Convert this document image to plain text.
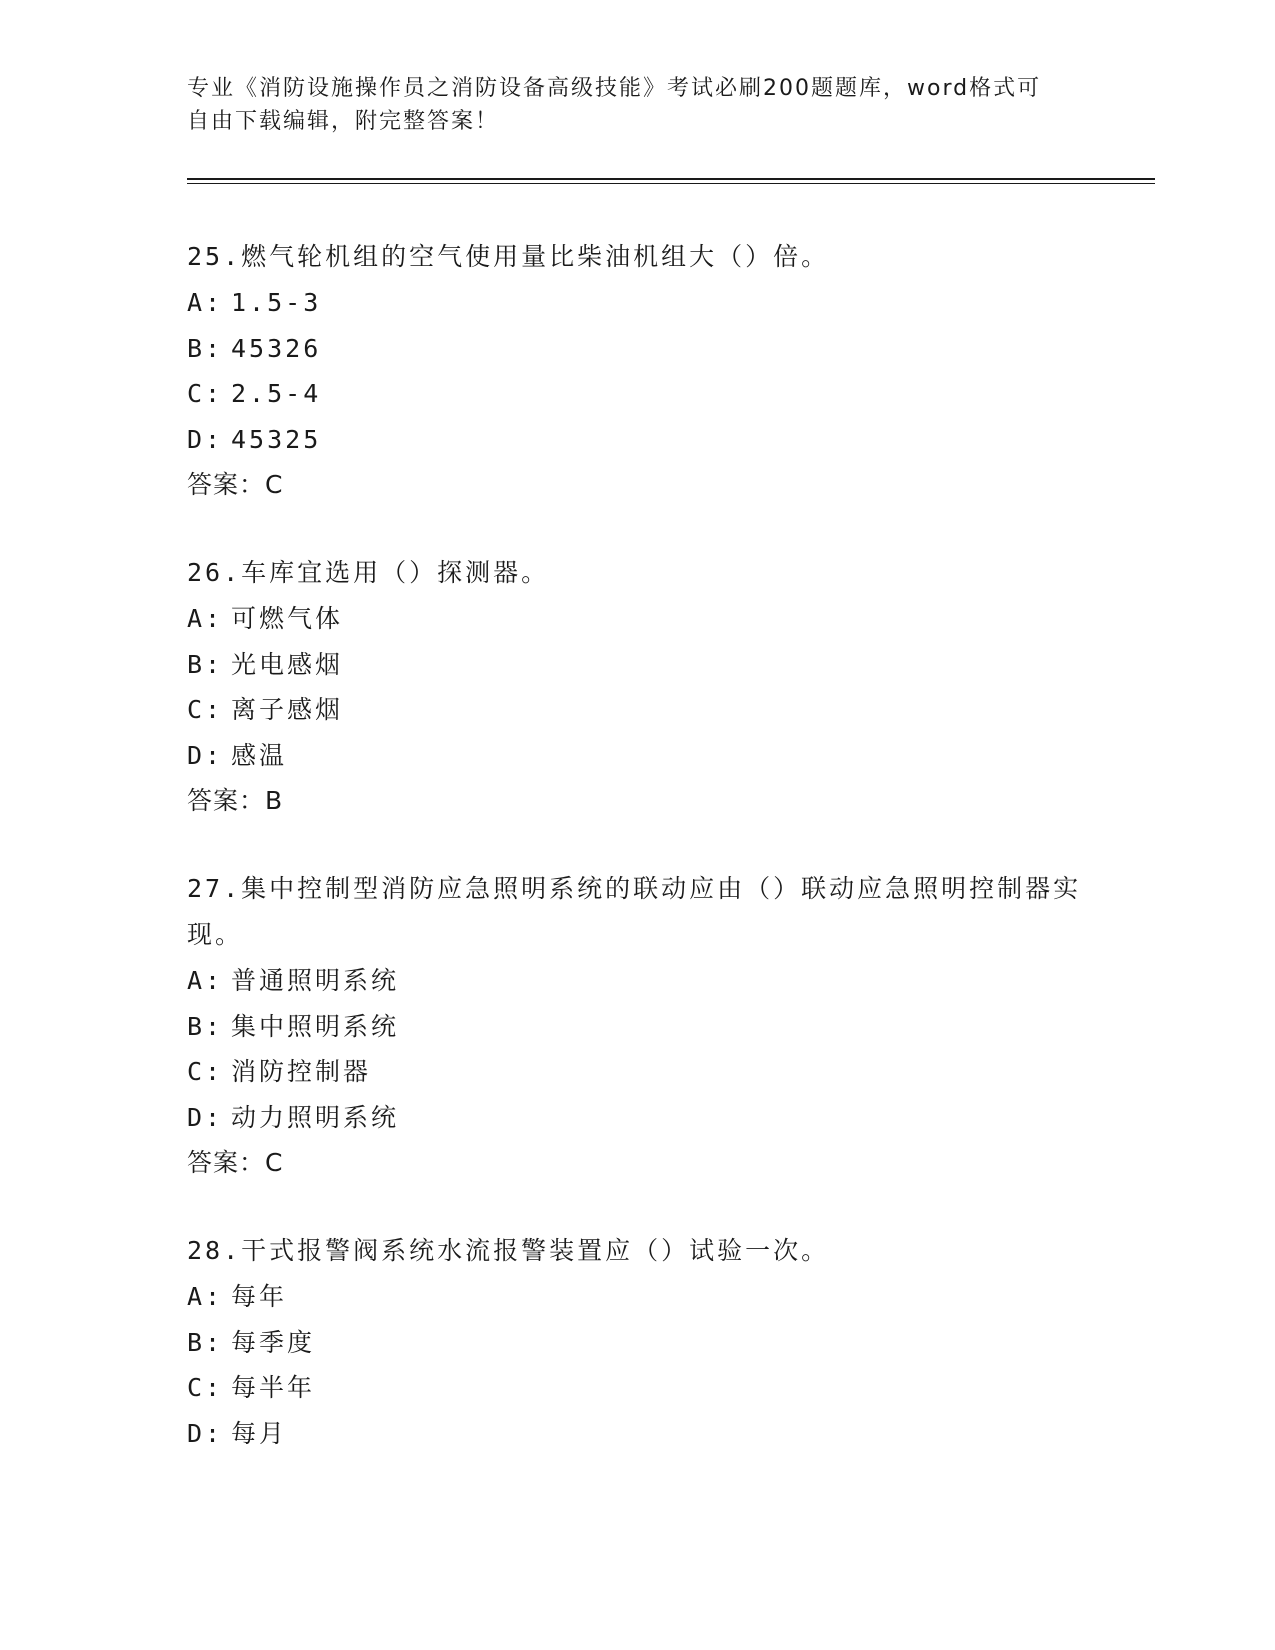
专业《消防设施操作员之消防设备高级技能》考试必刷200题题库，word格式可
自由下载编辑，附完整答案！
25.燃气轮机组的空气使用量比柴油机组大（）倍。
A: 1.5-3
B: 45326
C: 2.5-4
D: 45325
答案：C
26.车库宜选用（）探测器。
A: 可燃气体
B: 光电感烟
C: 离子感烟
D: 感温
答案：B
27.集中控制型消防应急照明系统的联动应由（）联动应急照明控制器实现。
A: 普通照明系统
B: 集中照明系统
C: 消防控制器
D: 动力照明系统
答案：C
28.干式报警阀系统水流报警装置应（）试验一次。
A: 每年
B: 每季度
C: 每半年
D: 每月
